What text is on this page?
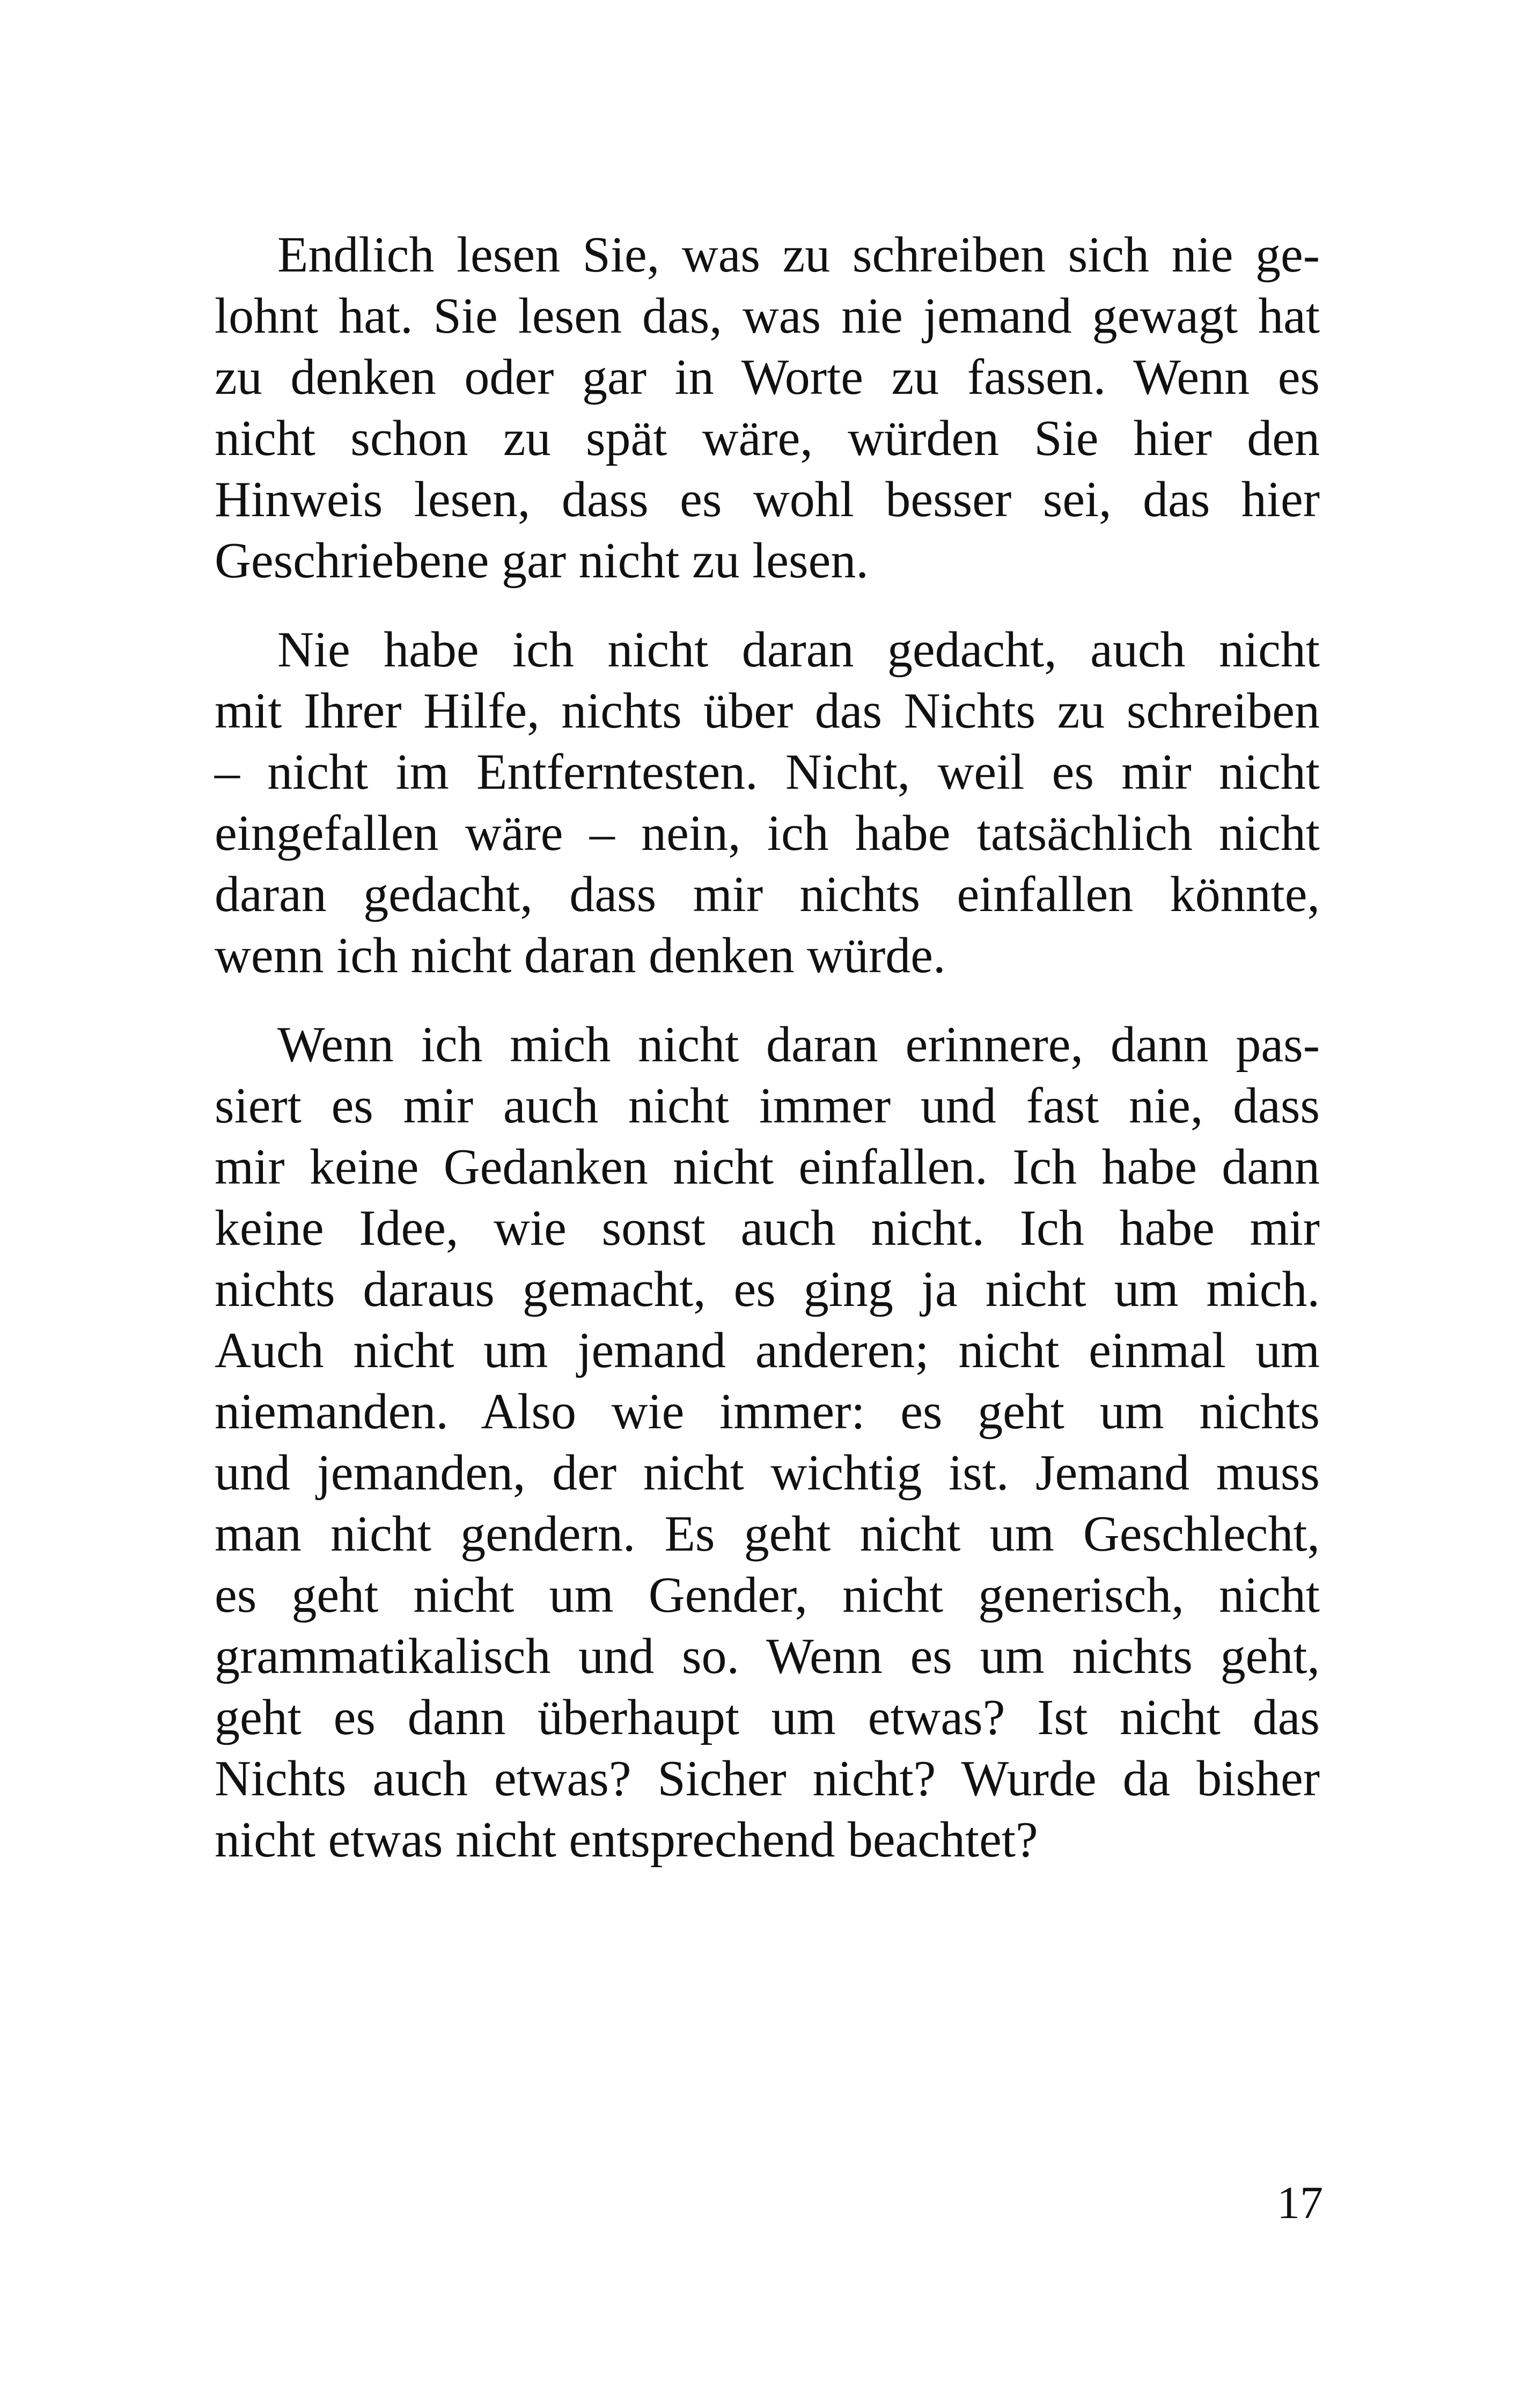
Endlich lesen Sie, was zu schreiben sich nie ge-
lohnt hat. Sie lesen das, was nie jemand gewagt hat
zu denken oder gar in Worte zu fassen. Wenn es
nicht schon zu spät wäre, würden Sie hier den
Hinweis lesen, dass es wohl besser sei, das hier
Geschriebene gar nicht zu lesen.
Nie habe ich nicht daran gedacht, auch nicht
mit Ihrer Hilfe, nichts über das Nichts zu schreiben
– nicht im Entferntesten. Nicht, weil es mir nicht
eingefallen wäre – nein, ich habe tatsächlich nicht
daran gedacht, dass mir nichts einfallen könnte,
wenn ich nicht daran denken würde.
Wenn ich mich nicht daran erinnere, dann pas-
siert es mir auch nicht immer und fast nie, dass
mir keine Gedanken nicht einfallen. Ich habe dann
keine Idee, wie sonst auch nicht. Ich habe mir
nichts daraus gemacht, es ging ja nicht um mich.
Auch nicht um jemand anderen; nicht einmal um
niemanden. Also wie immer: es geht um nichts
und jemanden, der nicht wichtig ist. Jemand muss
man nicht gendern. Es geht nicht um Geschlecht,
es geht nicht um Gender, nicht generisch, nicht
grammatikalisch und so. Wenn es um nichts geht,
geht es dann überhaupt um etwas? Ist nicht das
Nichts auch etwas? Sicher nicht? Wurde da bisher
nicht etwas nicht entsprechend beachtet?
17
